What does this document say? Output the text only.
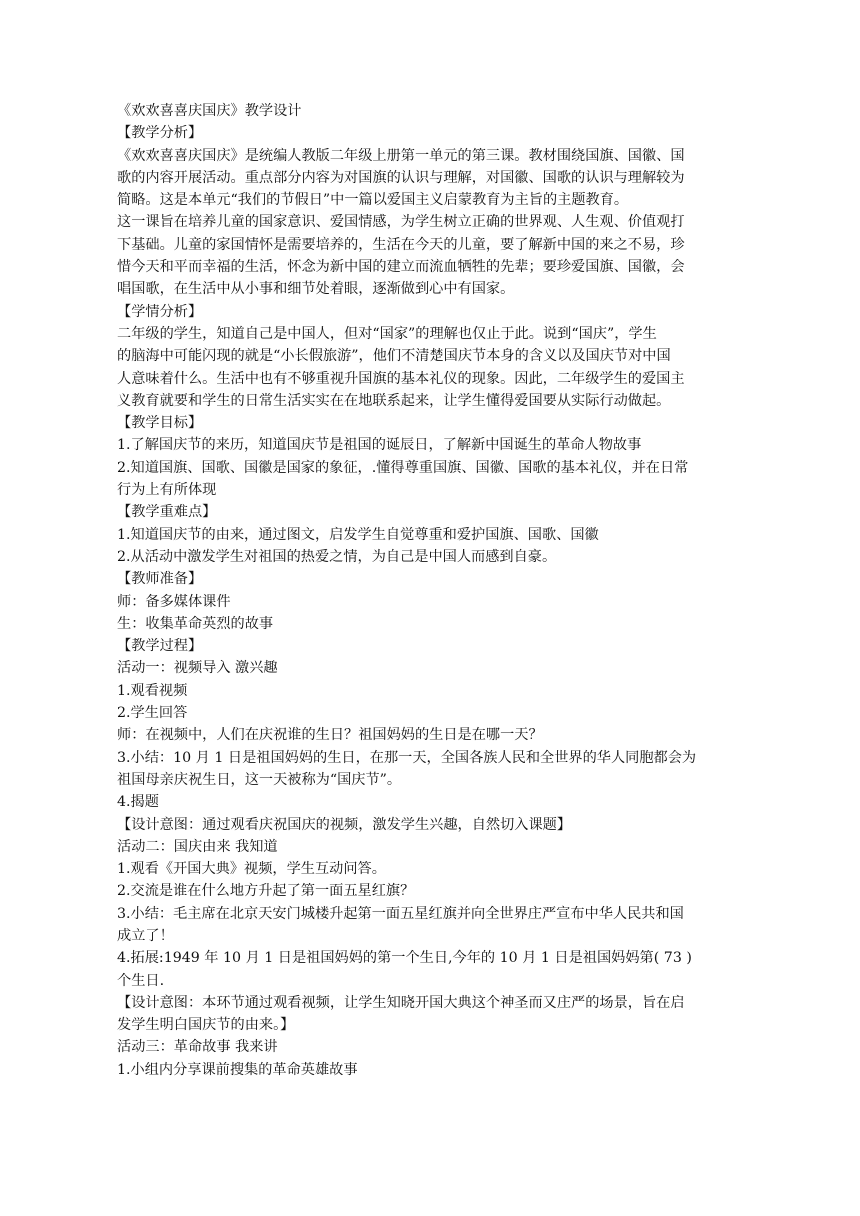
《欢欢喜喜庆国庆》教学设计

【教学分析】

《欢欢喜喜庆国庆》是统编人教版二年级上册第一单元的第三课。教材围绕国旗、国徽、国

歌的内容开展活动。重点部分内容为对国旗的认识与理解，对国徽、国歌的认识与理解较为

简略。这是本单元“我们的节假日”中一篇以爱国主义启蒙教育为主旨的主题教育。

这一课旨在培养儿童的国家意识、爱国情感，为学生树立正确的世界观、人生观、价值观打

下基础。儿童的家国情怀是需要培养的，生活在今天的儿童，要了解新中国的来之不易，珍

惜今天和平而幸福的生活，怀念为新中国的建立而流血牺牲的先辈；要珍爱国旗、国徽，会

唱国歌，在生活中从小事和细节处着眼，逐渐做到心中有国家。

【学情分析】

二年级的学生，知道自己是中国人，但对“国家”的理解也仅止于此。说到“国庆”，学生

的脑海中可能闪现的就是“小长假旅游”，他们不清楚国庆节本身的含义以及国庆节对中国

人意味着什么。生活中也有不够重视升国旗的基本礼仪的现象。因此，二年级学生的爱国主

义教育就要和学生的日常生活实实在在地联系起来，让学生懂得爱国要从实际行动做起。

【教学目标】

1.了解国庆节的来历，知道国庆节是祖国的诞辰日，了解新中国诞生的革命人物故事

2.知道国旗、国歌、国徽是国家的象征，.懂得尊重国旗、国徽、国歌的基本礼仪，并在日常

行为上有所体现

【教学重难点】

1.知道国庆节的由来，通过图文，启发学生自觉尊重和爱护国旗、国歌、国徽

2.从活动中激发学生对祖国的热爱之情，为自己是中国人而感到自豪。

【教师准备】

师：备多媒体课件

生：收集革命英烈的故事

【教学过程】

活动一：视频导入 激兴趣

1.观看视频

2.学生回答

师：在视频中，人们在庆祝谁的生日？祖国妈妈的生日是在哪一天？

3.小结：10 月 1 日是祖国妈妈的生日，在那一天，全国各族人民和全世界的华人同胞都会为

祖国母亲庆祝生日，这一天被称为“国庆节”。

4.揭题

【设计意图：通过观看庆祝国庆的视频，激发学生兴趣，自然切入课题】

活动二：国庆由来 我知道

1.观看《开国大典》视频，学生互动问答。

2.交流是谁在什么地方升起了第一面五星红旗？

3.小结：毛主席在北京天安门城楼升起第一面五星红旗并向全世界庄严宣布中华人民共和国

成立了！

4.拓展:1949 年 10 月 1 日是祖国妈妈的第一个生日,今年的 10 月 1 日是祖国妈妈第( 73 )

个生日.

【设计意图：本环节通过观看视频，让学生知晓开国大典这个神圣而又庄严的场景，旨在启

发学生明白国庆节的由来。】

活动三：革命故事 我来讲

1.小组内分享课前搜集的革命英雄故事
